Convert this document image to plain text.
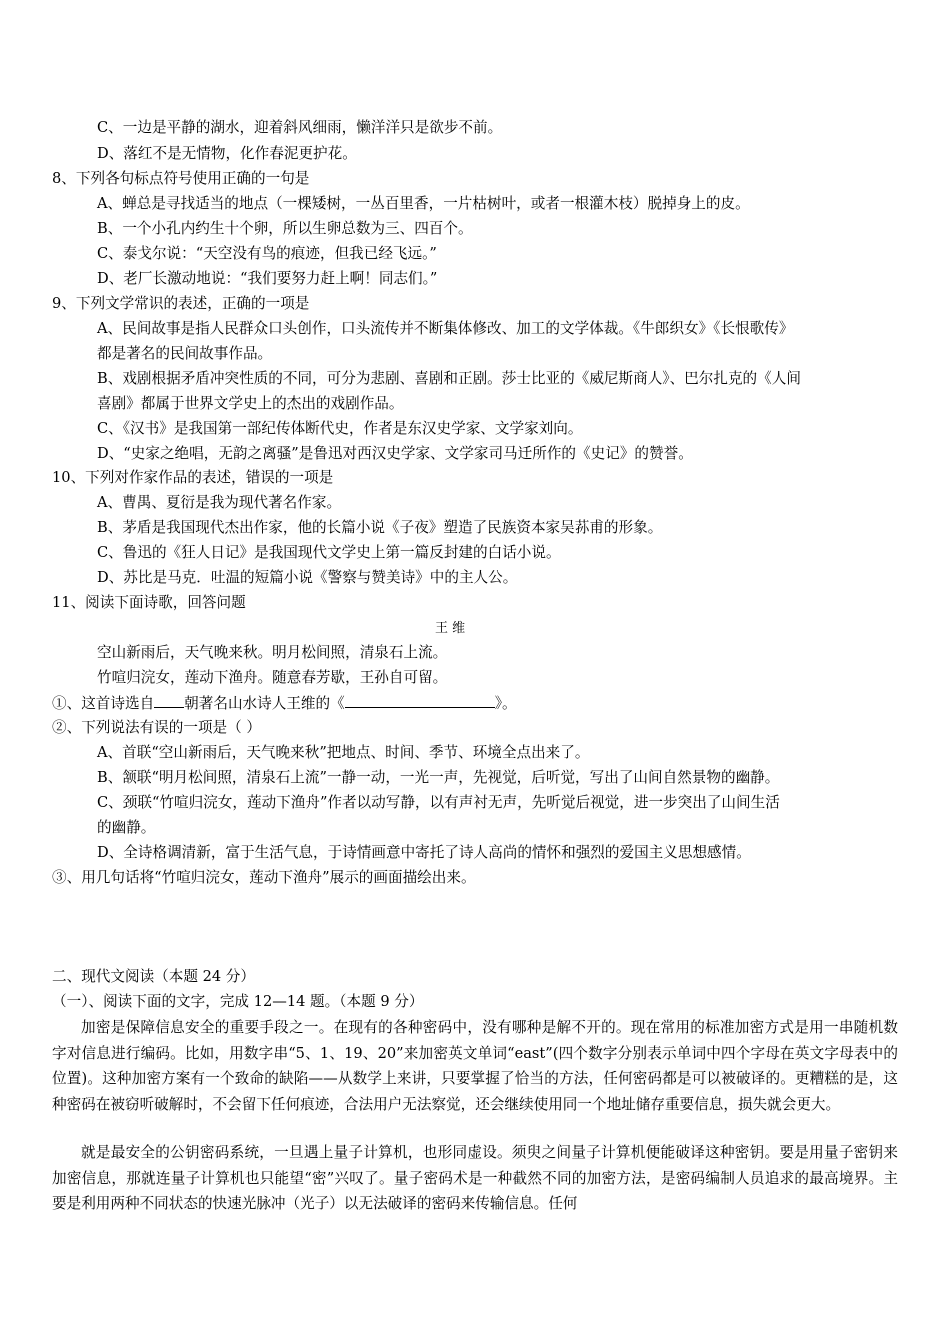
C、一边是平静的湖水，迎着斜风细雨，懒洋洋只是欲步不前。
D、落红不是无情物，化作春泥更护花。
8、下列各句标点符号使用正确的一句是
A、蝉总是寻找适当的地点（一棵矮树，一丛百里香，一片枯树叶，或者一根灌木枝）脱掉身上的皮。
B、一个小孔内约生十个卵，所以生卵总数为三、四百个。
C、泰戈尔说：“天空没有鸟的痕迹，但我已经飞远。”
D、老厂长激动地说：“我们要努力赶上啊！同志们。”
9、下列文学常识的表述，正确的一项是
A、民间故事是指人民群众口头创作，口头流传并不断集体修改、加工的文学体裁。《牛郎织女》《长恨歌传》
都是著名的民间故事作品。
B、戏剧根据矛盾冲突性质的不同，可分为悲剧、喜剧和正剧。莎士比亚的《威尼斯商人》、巴尔扎克的《人间
喜剧》都属于世界文学史上的杰出的戏剧作品。
C、《汉书》是我国第一部纪传体断代史，作者是东汉史学家、文学家刘向。
D、“史家之绝唱，无韵之离骚”是鲁迅对西汉史学家、文学家司马迁所作的《史记》的赞誉。
10、下列对作家作品的表述，错误的一项是
A、曹禺、夏衍是我为现代著名作家。
B、茅盾是我国现代杰出作家，他的长篇小说《子夜》塑造了民族资本家吴荪甫的形象。
C、鲁迅的《狂人日记》是我国现代文学史上第一篇反封建的白话小说。
D、苏比是马克．吐温的短篇小说《警察与赞美诗》中的主人公。
11、阅读下面诗歌，回答问题
王 维
空山新雨后，天气晚来秋。明月松间照，清泉石上流。
竹喧归浣女，莲动下渔舟。随意春芳歇，王孙自可留。
①、这首诗选自 朝著名山水诗人王维的《	》。
②、下列说法有误的一项是（ ）
A、首联“空山新雨后，天气晚来秋”把地点、时间、季节、环境全点出来了。
B、颔联“明月松间照，清泉石上流”一静一动，一光一声，先视觉，后听觉，写出了山间自然景物的幽静。
C、颈联“竹喧归浣女，莲动下渔舟”作者以动写静，以有声衬无声，先听觉后视觉，进一步突出了山间生活
的幽静。
D、全诗格调清新，富于生活气息，于诗情画意中寄托了诗人高尚的情怀和强烈的爱国主义思想感情。
③、用几句话将“竹喧归浣女，莲动下渔舟”展示的画面描绘出来。
二、现代文阅读（本题 24 分）
（一）、阅读下面的文字，完成 12—14 题。（本题 9 分）
加密是保障信息安全的重要手段之一。在现有的各种密码中，没有哪种是解不开的。现在常用的标准加密方式是用一串随机数字对信息进行编码。比如，用数字串“5、1、19、20”来加密英文单词“east”(四个数字分别表示单词中四个字母在英文字母表中的位置)。这种加密方案有一个致命的缺陷——从数学上来讲，只要掌握了恰当的方法，任何密码都是可以被破译的。更糟糕的是，这种密码在被窃听破解时，不会留下任何痕迹，合法用户无法察觉，还会继续使用同一个地址储存重要信息，损失就会更大。
就是最安全的公钥密码系统，一旦遇上量子计算机，也形同虚设。须臾之间量子计算机便能破译这种密钥。要是用量子密钥来加密信息，那就连量子计算机也只能望“密”兴叹了。量子密码术是一种截然不同的加密方法，是密码编制人员追求的最高境界。主要是利用两种不同状态的快速光脉冲（光子）以无法破译的密码来传输信息。任何
